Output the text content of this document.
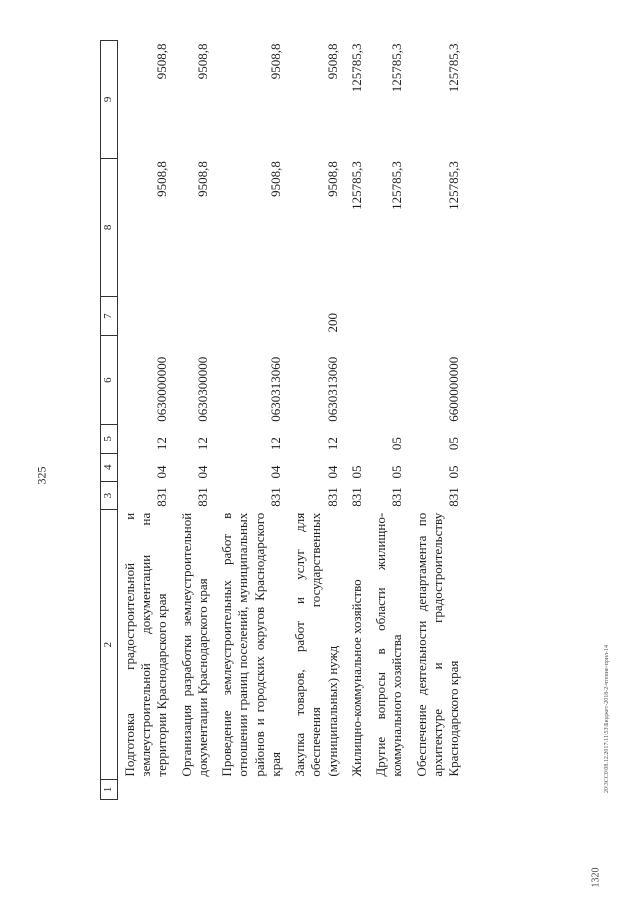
325
1	2	3	4	5	6	7	8	9
	Подготовка градостроительной и землеустроительной документации на территории Краснодарского края	831	04	12	0630000000		9508,8	9508,8
	Организация разработки землеустроительной документации Краснодарского края	831	04	12	0630300000		9508,8	9508,8
	Проведение землеустроительных работ в отношении границ поселений, муниципальных районов и городских округов Краснодарского края	831	04	12	0630313060		9508,8	9508,8
	Закупка товаров, работ и услуг для обеспечения государственных (муниципальных) нужд	831	04	12	0630313060	200	9508,8	9508,8
	Жилищно-коммунальное хозяйство	831	05				125785,3	125785,3
	Другие вопросы в области жилищно-коммунального хозяйства	831	05	05			125785,3	125785,3
	Обеспечение деятельности департамента по архитектуре и градостроительству Краснодарского края	831	05	05	6600000000		125785,3	125785,3
1320
20\3СС0\08.12.2017\11\53\Бюджет-2018-2-чтение-прил-14
